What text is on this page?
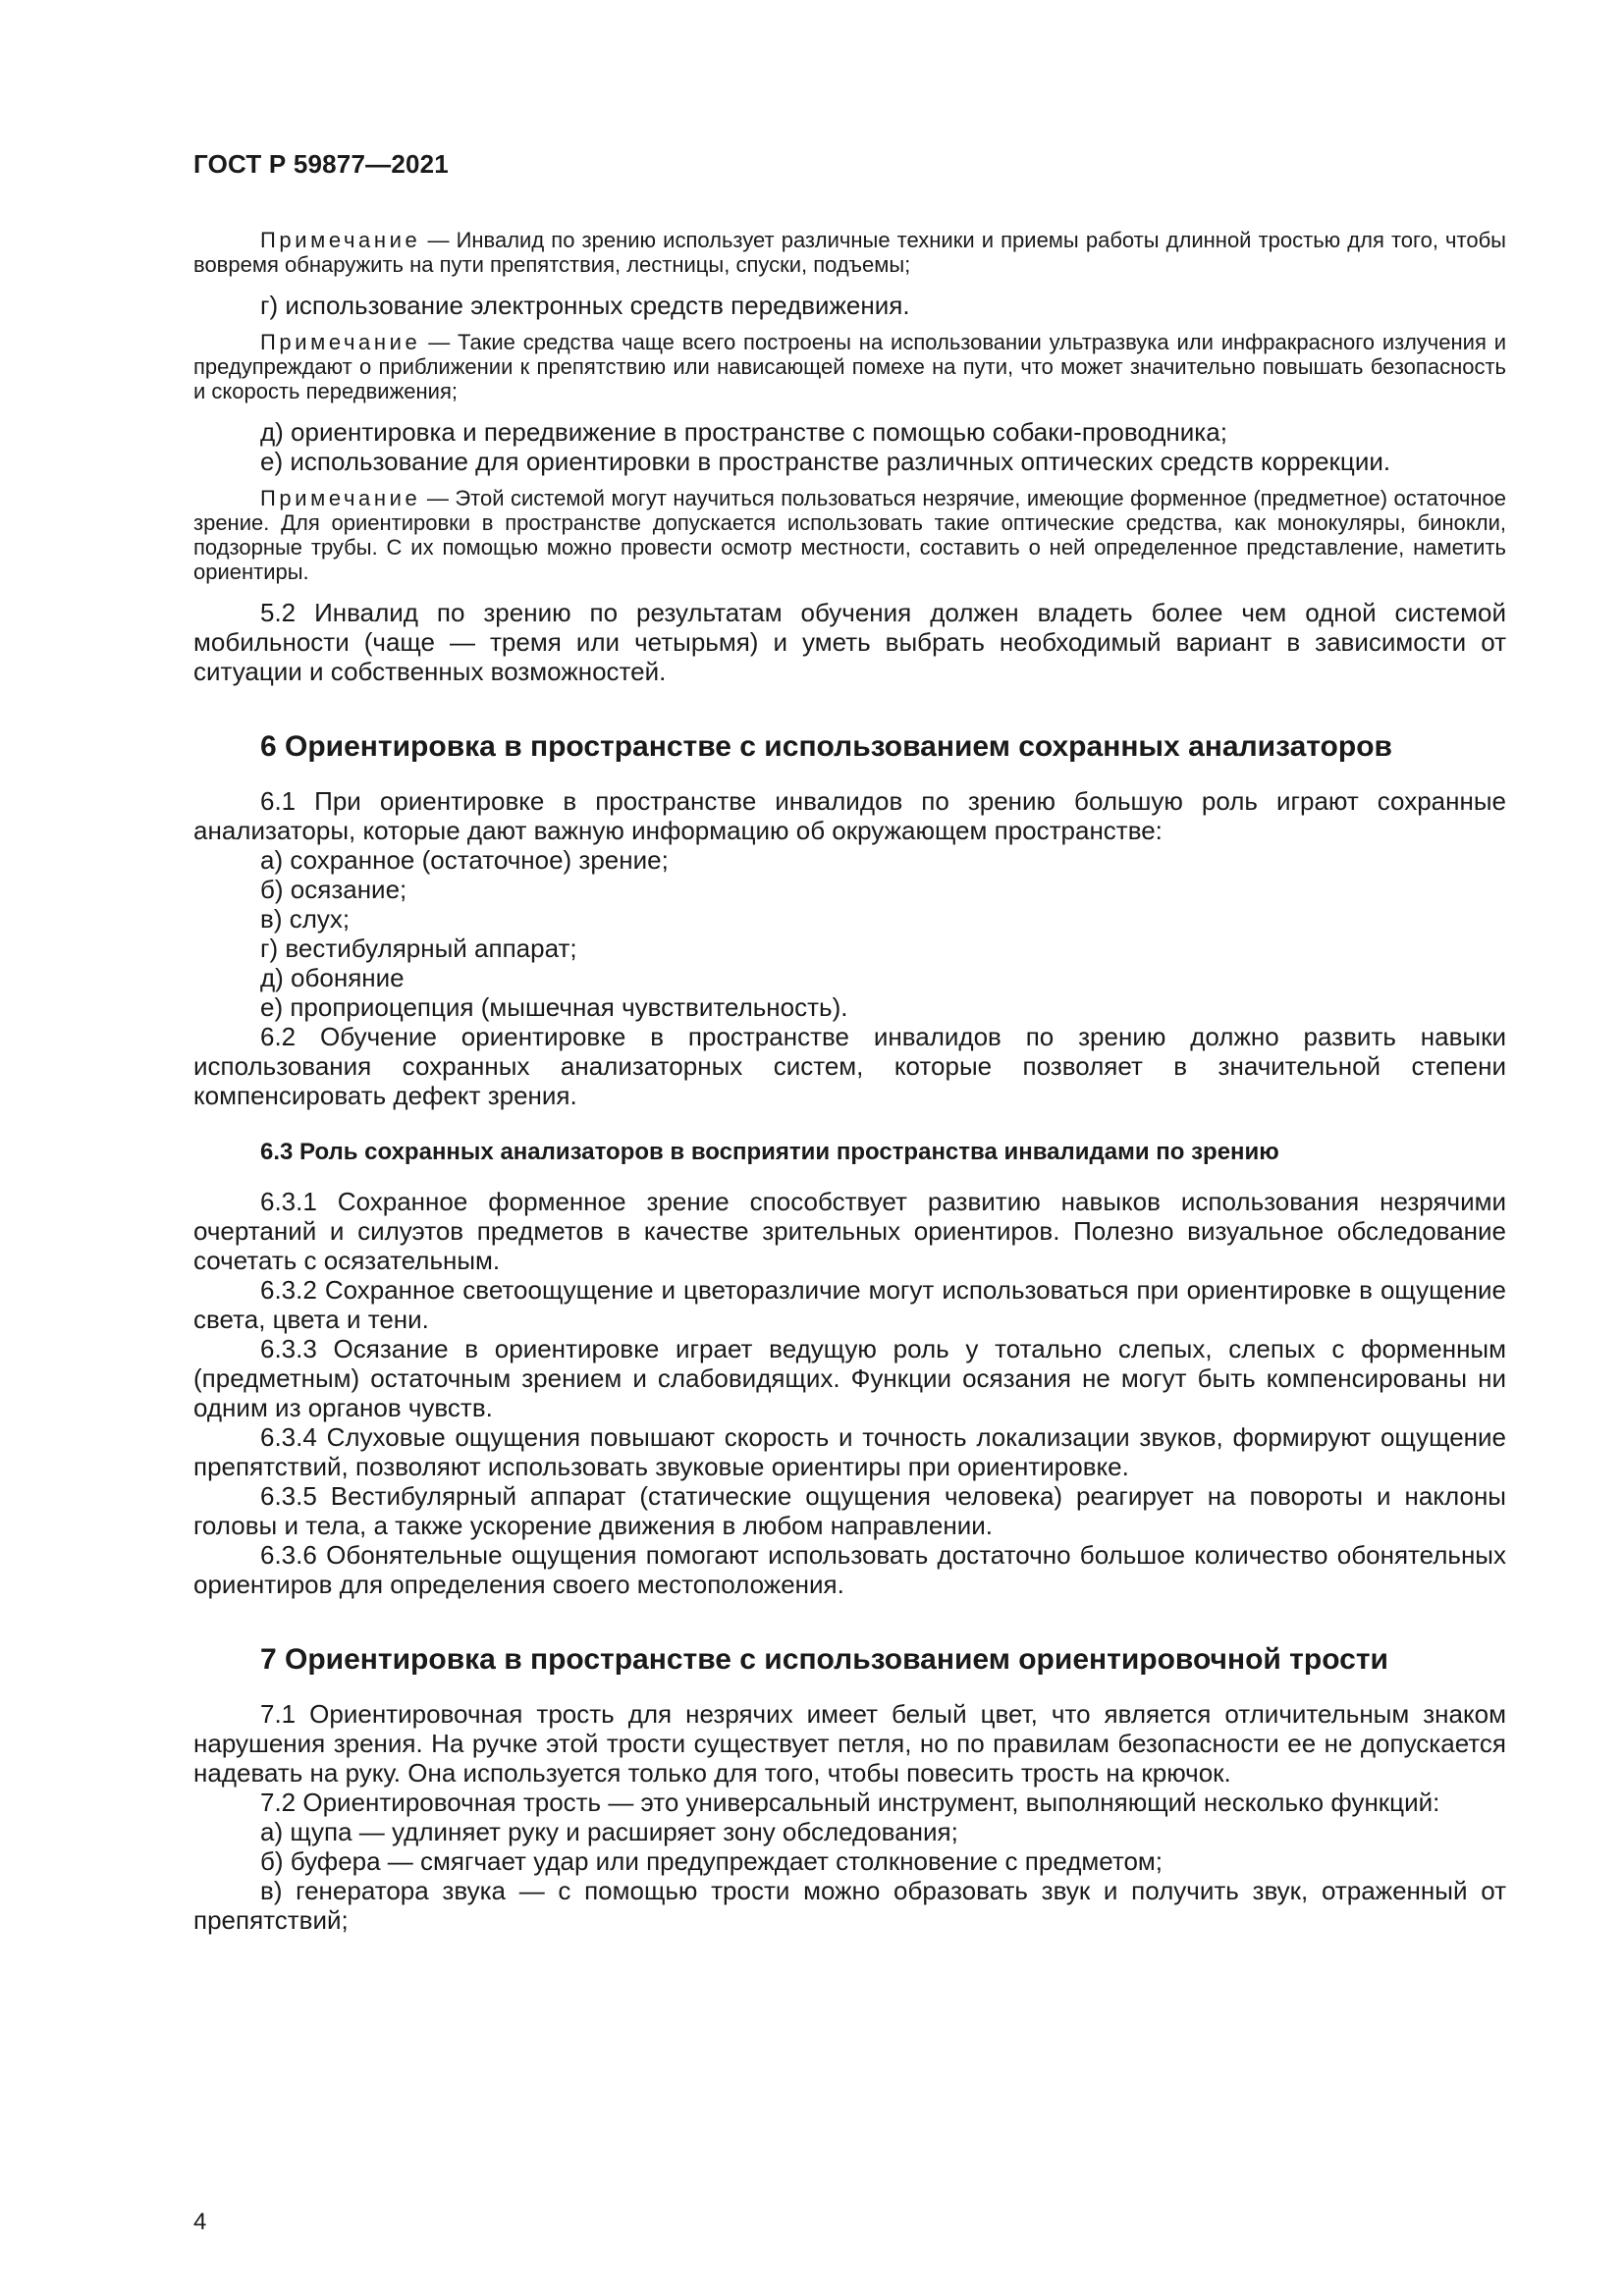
ГОСТ Р 59877—2021

Примечание — Инвалид по зрению использует различные техники и приемы работы длинной тростью для того, чтобы вовремя обнаружить на пути препятствия, лестницы, спуски, подъемы;

г) использование электронных средств передвижения.

Примечание — Такие средства чаще всего построены на использовании ультразвука или инфракрасного излучения и предупреждают о приближении к препятствию или нависающей помехе на пути, что может значительно повышать безопасность и скорость передвижения;

д) ориентировка и передвижение в пространстве с помощью собаки-проводника;

е) использование для ориентировки в пространстве различных оптических средств коррекции.

Примечание — Этой системой могут научиться пользоваться незрячие, имеющие форменное (предметное) остаточное зрение. Для ориентировки в пространстве допускается использовать такие оптические средства, как монокуляры, бинокли, подзорные трубы. С их помощью можно провести осмотр местности, составить о ней определенное представление, наметить ориентиры.

5.2 Инвалид по зрению по результатам обучения должен владеть более чем одной системой мобильности (чаще — тремя или четырьмя) и уметь выбрать необходимый вариант в зависимости от ситуации и собственных возможностей.

6 Ориентировка в пространстве с использованием сохранных анализаторов

6.1 При ориентировке в пространстве инвалидов по зрению большую роль играют сохранные анализаторы, которые дают важную информацию об окружающем пространстве:

а) сохранное (остаточное) зрение;

б) осязание;

в) слух;

г) вестибулярный аппарат;

д) обоняние

е) проприоцепция (мышечная чувствительность).

6.2 Обучение ориентировке в пространстве инвалидов по зрению должно развить навыки использования сохранных анализаторных систем, которые позволяет в значительной степени компенсировать дефект зрения.

6.3 Роль сохранных анализаторов в восприятии пространства инвалидами по зрению

6.3.1 Сохранное форменное зрение способствует развитию навыков использования незрячими очертаний и силуэтов предметов в качестве зрительных ориентиров. Полезно визуальное обследование сочетать с осязательным.

6.3.2 Сохранное светоощущение и цветоразличие могут использоваться при ориентировке в ощущение света, цвета и тени.

6.3.3 Осязание в ориентировке играет ведущую роль у тотально слепых, слепых с форменным (предметным) остаточным зрением и слабовидящих. Функции осязания не могут быть компенсированы ни одним из органов чувств.

6.3.4 Слуховые ощущения повышают скорость и точность локализации звуков, формируют ощущение препятствий, позволяют использовать звуковые ориентиры при ориентировке.

6.3.5 Вестибулярный аппарат (статические ощущения человека) реагирует на повороты и наклоны головы и тела, а также ускорение движения в любом направлении.

6.3.6 Обонятельные ощущения помогают использовать достаточно большое количество обонятельных ориентиров для определения своего местоположения.

7 Ориентировка в пространстве с использованием ориентировочной трости

7.1 Ориентировочная трость для незрячих имеет белый цвет, что является отличительным знаком нарушения зрения. На ручке этой трости существует петля, но по правилам безопасности ее не допускается надевать на руку. Она используется только для того, чтобы повесить трость на крючок.

7.2 Ориентировочная трость — это универсальный инструмент, выполняющий несколько функций:

а) щупа — удлиняет руку и расширяет зону обследования;

б) буфера — смягчает удар или предупреждает столкновение с предметом;

в) генератора звука — с помощью трости можно образовать звук и получить звук, отраженный от препятствий;

4
